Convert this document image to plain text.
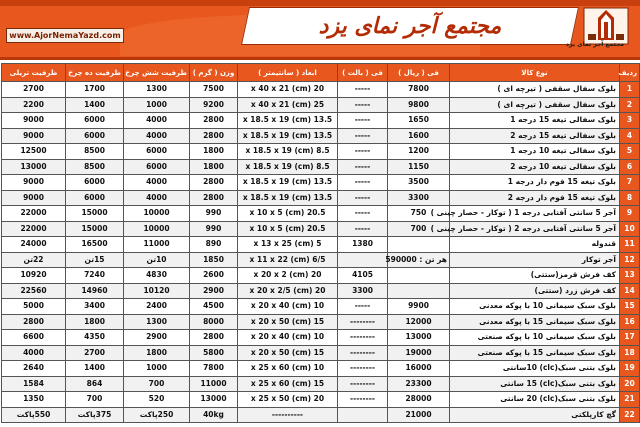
مجتمع آجر نمای یزد
www.AjorNemaYazd.com
مجتمع آجر نمای یزد
ردیف	نوع کالا	فی ( ریال )	فی ( بالت )	ابعاد ( سانتیمتر )	وزن ( گرم )	ظرفیت شش چرخ	ظرفیت ده چرخ	ظرفیت تریلی
1	بلوک سفال سقفی ( تیرچه ای )	7800	-----	20 x 40 x 21 (cm)	7500	1300	1700	2700
2	بلوک سفال سقفی ( تیرچه ای )	9800	-----	25 x 40 x 21 (cm)	9200	1000	1400	2200
3	بلوک سفالی تیغه 15 درجه 1	1650	-----	13.5 x 18.5 x 19 (cm)	2800	4000	6000	9000
4	بلوک سفالی تیغه 15 درجه 2	1600	-----	13.5 x 18.5 x 19 (cm)	2800	4000	6000	9000
5	بلوک سفالی تیغه 10 درجه 1	1200	-----	8.5 x 18.5 x 19 (cm)	1800	6000	8500	12500
6	بلوک سفالی تیغه 10 درجه 2	1150	-----	8.5 x 18.5 x 19 (cm)	1800	6000	8500	13000
7	بلوک تیغه 15 فوم دار درجه 1	3500	-----	13.5 x 18.5 x 19 (cm)	2800	4000	6000	9000
8	بلوک تیغه 15 فوم دار درجه 2	3300	-----	13.5 x 18.5 x 19 (cm)	2800	4000	6000	9000
9	آجر 5 سانتی آفتابی درجه 1 ( توکار - حصار چینی )	750	-----	20.5 x 10 x 5 (cm)	990	10000	15000	22000
10	آجر 5 سانتی آفتابی درجه 2 ( توکار - حصار چینی )	700	-----	20.5 x 10 x 5 (cm)	990	10000	15000	22000
11	قندوله		1380	5 x 13 x 25 (cm)	890	11000	16500	24000
12	آجر توکار	هر تن : 590000		6/5 x 11 x 22 (cm)	1850	10تن	15تن	22تن
13	کف فرش قرمز(ستتی)		4105	20 x 20 x 2 (cm)	2600	4830	7240	10920
14	کف فرش زرد (ستتی)		3300	20 x 20 x 2/5 (cm)	2900	10120	14960	22560
15	بلوک سبک سیمانی 10 با پوکه معدنی	9900	-----	10 x 20 x 40 (cm)	4500	2400	3400	5000
16	بلوک سبک سیمانی 15 با پوکه معدنی	12000	--------	15 x 20 x 50 (cm)	8000	1300	1800	2800
17	بلوک سبک سیمانی 10 با پوکه صنعتی	13000	--------	10 x 20 x 40 (cm)	2800	2900	4350	6600
18	بلوک سبک سیمانی 15 با پوکه صنعتی	19000	--------	15 x 20 x 50 (cm)	5800	1800	2700	4000
19	بلوک بتنی سبک(clc) 10سانتی	16000	--------	10 x 25 x 60 (cm)	7800	1000	1400	2640
20	بلوک بتنی سبک(clc) 15 سانتی	23300	--------	15 x 25 x 60 (cm)	11000	700	864	1584
21	بلوک بتنی سبک(clc) 20 سانتی	28000	--------	20 x 25 x 50 (cm)	13000	520	700	1350
22	گچ کارپلکتی	21000		----------	40kg	250پاکت	375پاکت	550پاکت
